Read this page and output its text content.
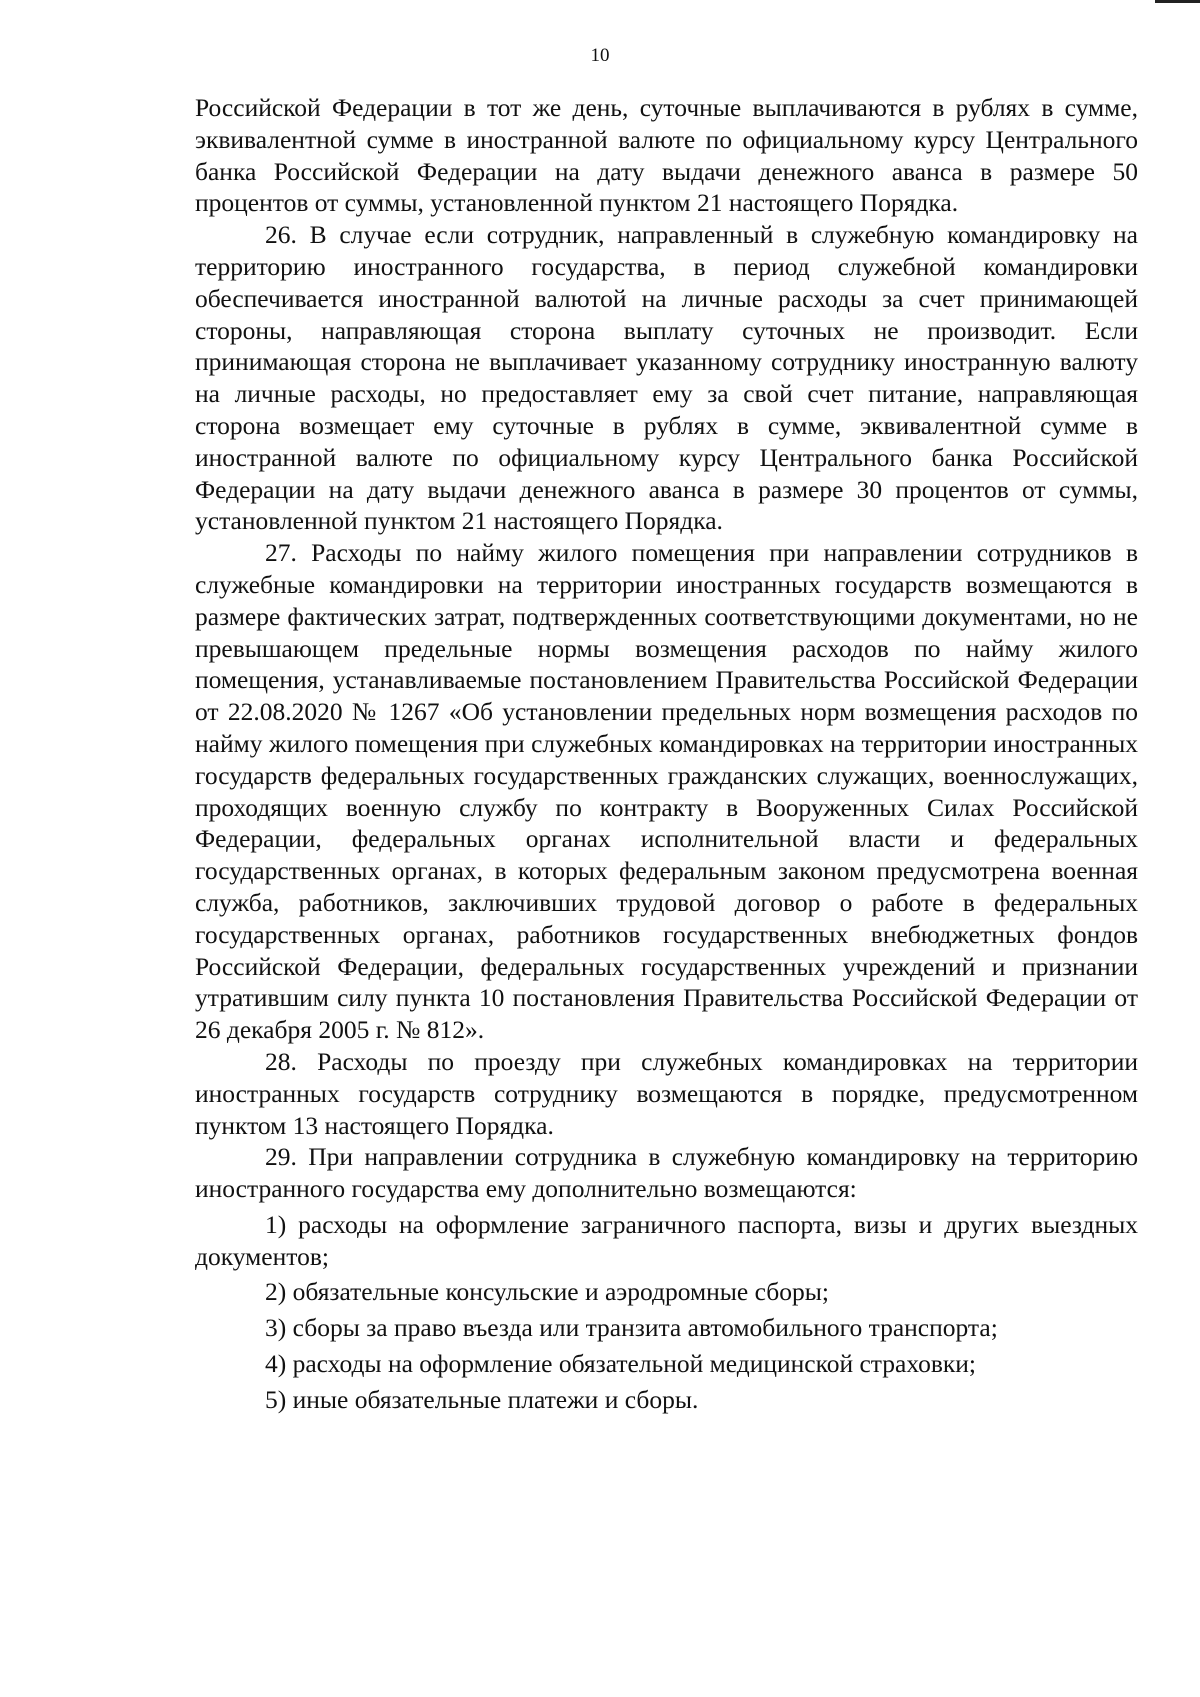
10

Российской Федерации в тот же день, суточные выплачиваются в рублях в сумме, эквивалентной сумме в иностранной валюте по официальному курсу Центрального банка Российской Федерации на дату выдачи денежного аванса в размере 50 процентов от суммы, установленной пунктом 21 настоящего Порядка.

26. В случае если сотрудник, направленный в служебную командировку на территорию иностранного государства, в период служебной командировки обеспечивается иностранной валютой на личные расходы за счет принимающей стороны, направляющая сторона выплату суточных не производит. Если принимающая сторона не выплачивает указанному сотруднику иностранную валюту на личные расходы, но предоставляет ему за свой счет питание, направляющая сторона возмещает ему суточные в рублях в сумме, эквивалентной сумме в иностранной валюте по официальному курсу Центрального банка Российской Федерации на дату выдачи денежного аванса в размере 30 процентов от суммы, установленной пунктом 21 настоящего Порядка.

27. Расходы по найму жилого помещения при направлении сотрудников в служебные командировки на территории иностранных государств возмещаются в размере фактических затрат, подтвержденных соответствующими документами, но не превышающем предельные нормы возмещения расходов по найму жилого помещения, устанавливаемые постановлением Правительства Российской Федерации от 22.08.2020 № 1267 «Об установлении предельных норм возмещения расходов по найму жилого помещения при служебных командировках на территории иностранных государств федеральных государственных гражданских служащих, военнослужащих, проходящих военную службу по контракту в Вооруженных Силах Российской Федерации, федеральных органах исполнительной власти и федеральных государственных органах, в которых федеральным законом предусмотрена военная служба, работников, заключивших трудовой договор о работе в федеральных государственных органах, работников государственных внебюджетных фондов Российской Федерации, федеральных государственных учреждений и признании утратившим силу пункта 10 постановления Правительства Российской Федерации от 26 декабря 2005 г. № 812».

28. Расходы по проезду при служебных командировках на территории иностранных государств сотруднику возмещаются в порядке, предусмотренном пунктом 13 настоящего Порядка.

29. При направлении сотрудника в служебную командировку на территорию иностранного государства ему дополнительно возмещаются:

1) расходы на оформление заграничного паспорта, визы и других выездных документов;

2) обязательные консульские и аэродромные сборы;

3) сборы за право въезда или транзита автомобильного транспорта;

4) расходы на оформление обязательной медицинской страховки;

5) иные обязательные платежи и сборы.
